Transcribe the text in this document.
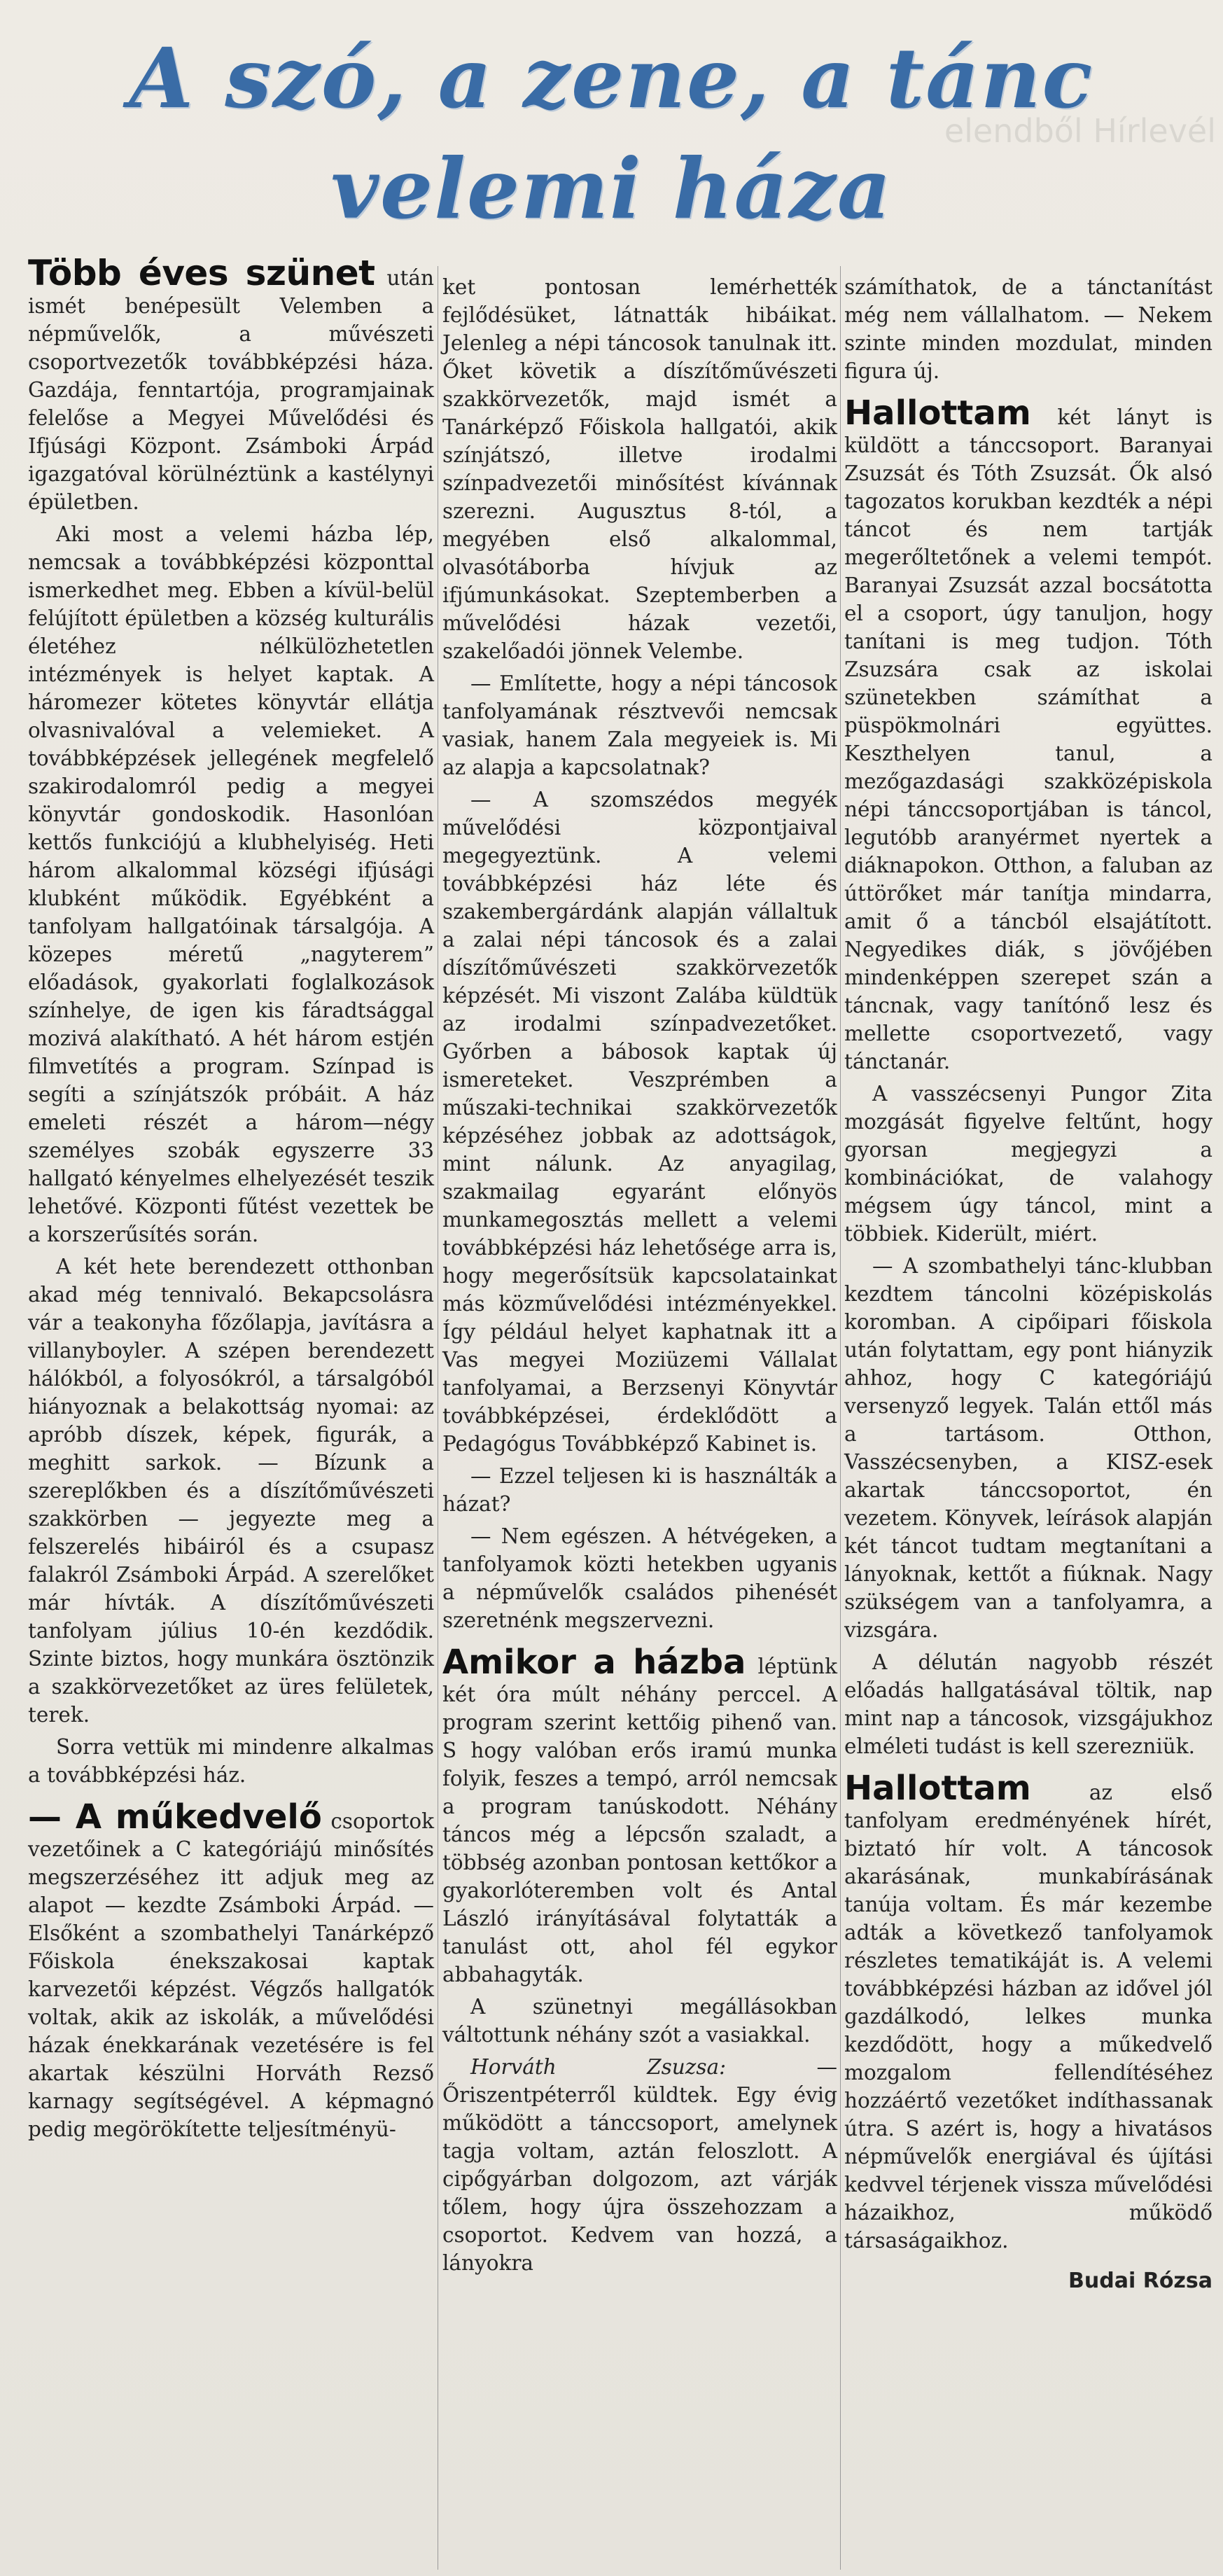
elendből Hírlevél
A szó, a zene, a tánc
velemi háza

Több éves szünet után ismét benépesült Velemben a népművelők, a művészeti csoportvezetők továbbképzési háza. Gazdája, fenntartója, programjainak felelőse a Megyei Művelődési és Ifjúsági Központ. Zsámboki Árpád igazgatóval körülnéztünk a kastélynyi épületben.

Aki most a velemi házba lép, nemcsak a továbbképzési központtal ismerkedhet meg. Ebben a kívül-belül felújított épületben a község kulturális életéhez nélkülözhetetlen intézmények is helyet kaptak. A háromezer kötetes könyvtár ellátja olvasnivalóval a velemieket. A továbbképzések jellegének megfelelő szakirodalomról pedig a megyei könyvtár gondoskodik. Hasonlóan kettős funkciójú a klubhelyiség. Heti három alkalommal községi ifjúsági klubként működik. Egyébként a tanfolyam hallgatóinak társalgója. A közepes méretű „nagyterem” előadások, gyakorlati foglalkozások színhelye, de igen kis fáradtsággal mozivá alakítható. A hét három estjén filmvetítés a program. Színpad is segíti a színjátszók próbáit. A ház emeleti részét a három—négy személyes szobák egyszerre 33 hallgató kényelmes elhelyezését teszik lehetővé. Központi fűtést vezettek be a korszerűsítés során.

A két hete berendezett otthonban akad még tennivaló. Bekapcsolásra vár a teakonyha főzőlapja, javításra a villanyboyler. A szépen berendezett hálókból, a folyosókról, a társalgóból hiányoznak a belakottság nyomai: az apróbb díszek, képek, figurák, a meghitt sarkok. — Bízunk a szereplőkben és a díszítőművészeti szakkörben — jegyezte meg a felszerelés hibáiról és a csupasz falakról Zsámboki Árpád. A szerelőket már hívták. A díszítőművészeti tanfolyam július 10-én kezdődik. Szinte biztos, hogy munkára ösztönzik a szakkörvezetőket az üres felületek, terek.

Sorra vettük mi mindenre alkalmas a továbbképzési ház.

— A műkedvelő csoportok vezetőinek a C kategóriájú minősítés megszerzéséhez itt adjuk meg az alapot — kezdte Zsámboki Árpád. — Elsőként a szombathelyi Tanárképző Főiskola énekszakosai kaptak karvezetői képzést. Végzős hallgatók voltak, akik az iskolák, a művelődési házak énekkarának vezetésére is fel akartak készülni Horváth Rezső karnagy segítségével. A képmagnó pedig megörökítette teljesítményü-

ket pontosan lemérhették fejlődésüket, látnatták hibáikat. Jelenleg a népi táncosok tanulnak itt. Őket követik a díszítőművészeti szakkörvezetők, majd ismét a Tanárképző Főiskola hallgatói, akik színjátszó, illetve irodalmi színpadvezetői minősítést kívánnak szerezni. Augusztus 8-tól, a megyében első alkalommal, olvasótáborba hívjuk az ifjúmunkásokat. Szeptemberben a művelődési házak vezetői, szakelőadói jönnek Velembe.

— Említette, hogy a népi táncosok tanfolyamának résztvevői nemcsak vasiak, hanem Zala megyeiek is. Mi az alapja a kapcsolatnak?

— A szomszédos megyék művelődési központjaival megegyeztünk. A velemi továbbképzési ház léte és szakembergárdánk alapján vállaltuk a zalai népi táncosok és a zalai díszítőművészeti szakkörvezetők képzését. Mi viszont Zalába küldtük az irodalmi színpadvezetőket. Győrben a bábosok kaptak új ismereteket. Veszprémben a műszaki-technikai szakkörvezetők képzéséhez jobbak az adottságok, mint nálunk. Az anyagilag, szakmailag egyaránt előnyös munkamegosztás mellett a velemi továbbképzési ház lehetősége arra is, hogy megerősítsük kapcsolatainkat más közművelődési intézményekkel. Így például helyet kaphatnak itt a Vas megyei Moziüzemi Vállalat tanfolyamai, a Berzsenyi Könyvtár továbbképzései, érdeklődött a Pedagógus Továbbképző Kabinet is.

— Ezzel teljesen ki is használták a házat?

— Nem egészen. A hétvégeken, a tanfolyamok közti hetekben ugyanis a népművelők családos pihenését szeretnénk megszervezni.

Amikor a házba léptünk két óra múlt néhány perccel. A program szerint kettőig pihenő van. S hogy valóban erős iramú munka folyik, feszes a tempó, arról nemcsak a program tanúskodott. Néhány táncos még a lépcsőn szaladt, a többség azonban pontosan kettőkor a gyakorlóteremben volt és Antal László irányításával folytatták a tanulást ott, ahol fél egykor abbahagyták.

A szünetnyi megállásokban váltottunk néhány szót a vasiakkal.

Horváth Zsuzsa: — Őriszentpéterről küldtek. Egy évig működött a tánccsoport, amelynek tagja voltam, aztán feloszlott. A cipőgyárban dolgozom, azt várják tőlem, hogy újra összehozzam a csoportot. Kedvem van hozzá, a lányokra

számíthatok, de a tánctanítást még nem vállalhatom. — Nekem szinte minden mozdulat, minden figura új.

Hallottam két lányt is küldött a tánccsoport. Baranyai Zsuzsát és Tóth Zsuzsát. Ők alsó tagozatos korukban kezdték a népi táncot és nem tartják megerőltetőnek a velemi tempót. Baranyai Zsuzsát azzal bocsátotta el a csoport, úgy tanuljon, hogy tanítani is meg tudjon. Tóth Zsuzsára csak az iskolai szünetekben számíthat a püspökmolnári együttes. Keszthelyen tanul, a mezőgazdasági szakközépiskola népi tánccsoportjában is táncol, legutóbb aranyérmet nyertek a diáknapokon. Otthon, a faluban az úttörőket már tanítja mindarra, amit ő a táncból elsajátított. Negyedikes diák, s jövőjében mindenképpen szerepet szán a táncnak, vagy tanítónő lesz és mellette csoportvezető, vagy tánctanár.

A vasszécsenyi Pungor Zita mozgását figyelve feltűnt, hogy gyorsan megjegyzi a kombinációkat, de valahogy mégsem úgy táncol, mint a többiek. Kiderült, miért.

— A szombathelyi tánc-klubban kezdtem táncolni középiskolás koromban. A cipőipari főiskola után folytattam, egy pont hiányzik ahhoz, hogy C kategóriájú versenyző legyek. Talán ettől más a tartásom. Otthon, Vasszécsenyben, a KISZ-esek akartak tánccsoportot, én vezetem. Könyvek, leírások alapján két táncot tudtam megtanítani a lányoknak, kettőt a fiúknak. Nagy szükségem van a tanfolyamra, a vizsgára.

A délután nagyobb részét előadás hallgatásával töltik, nap mint nap a táncosok, vizsgájukhoz elméleti tudást is kell szerezniük.

Hallottam az első tanfolyam eredményének hírét, biztató hír volt. A táncosok akarásának, munkabírásának tanúja voltam. És már kezembe adták a következő tanfolyamok részletes tematikáját is. A velemi továbbképzési házban az idővel jól gazdálkodó, lelkes munka kezdődött, hogy a műkedvelő mozgalom fellendítéséhez hozzáértő vezetőket indíthassanak útra. S azért is, hogy a hivatásos népművelők energiával és újítási kedvvel térjenek vissza művelődési házaikhoz, működő társaságaikhoz.

Budai Rózsa
